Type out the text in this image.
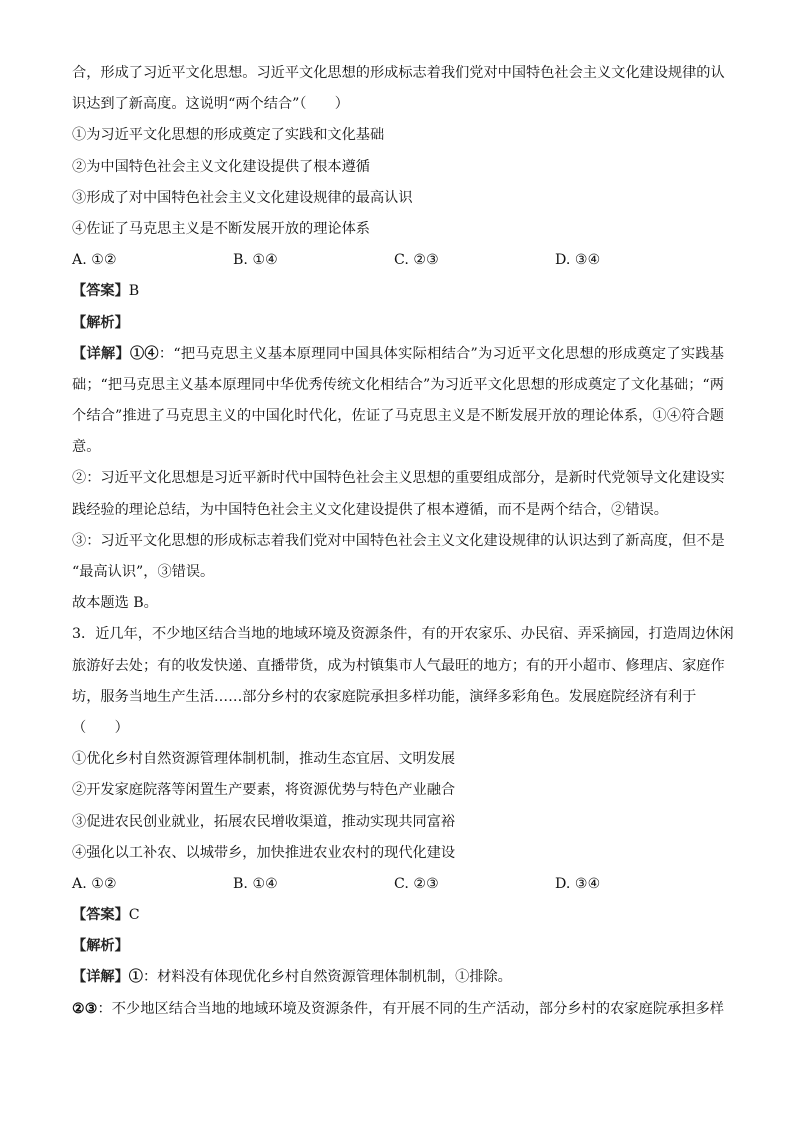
合，形成了习近平文化思想。习近平文化思想的形成标志着我们党对中国特色社会主义文化建设规律的认
识达到了新高度。这说明“两个结合”（　　）
①为习近平文化思想的形成奠定了实践和文化基础
②为中国特色社会主义文化建设提供了根本遵循
③形成了对中国特色社会主义文化建设规律的最高认识
④佐证了马克思主义是不断发展开放的理论体系
A. ①②	B. ①④	C. ②③	D. ③④
【答案】B
【解析】
【详解】①④：“把马克思主义基本原理同中国具体实际相结合”为习近平文化思想的形成奠定了实践基
础；“把马克思主义基本原理同中华优秀传统文化相结合”为习近平文化思想的形成奠定了文化基础；“两
个结合”推进了马克思主义的中国化时代化，佐证了马克思主义是不断发展开放的理论体系，①④符合题
意。
②：习近平文化思想是习近平新时代中国特色社会主义思想的重要组成部分，是新时代党领导文化建设实
践经验的理论总结，为中国特色社会主义文化建设提供了根本遵循，而不是两个结合，②错误。
③：习近平文化思想的形成标志着我们党对中国特色社会主义文化建设规律的认识达到了新高度，但不是
“最高认识”，③错误。
故本题选 B。
3．近几年，不少地区结合当地的地域环境及资源条件，有的开农家乐、办民宿、弄采摘园，打造周边休闲
旅游好去处；有的收发快递、直播带货，成为村镇集市人气最旺的地方；有的开小超市、修理店、家庭作
坊，服务当地生产生活……部分乡村的农家庭院承担多样功能，演绎多彩角色。发展庭院经济有利于
（　　）
①优化乡村自然资源管理体制机制，推动生态宜居、文明发展
②开发家庭院落等闲置生产要素，将资源优势与特色产业融合
③促进农民创业就业，拓展农民增收渠道，推动实现共同富裕
④强化以工补农、以城带乡，加快推进农业农村的现代化建设
A. ①②	B. ①④	C. ②③	D. ③④
【答案】C
【解析】
【详解】①：材料没有体现优化乡村自然资源管理体制机制，①排除。
②③：不少地区结合当地的地域环境及资源条件，有开展不同的生产活动，部分乡村的农家庭院承担多样
